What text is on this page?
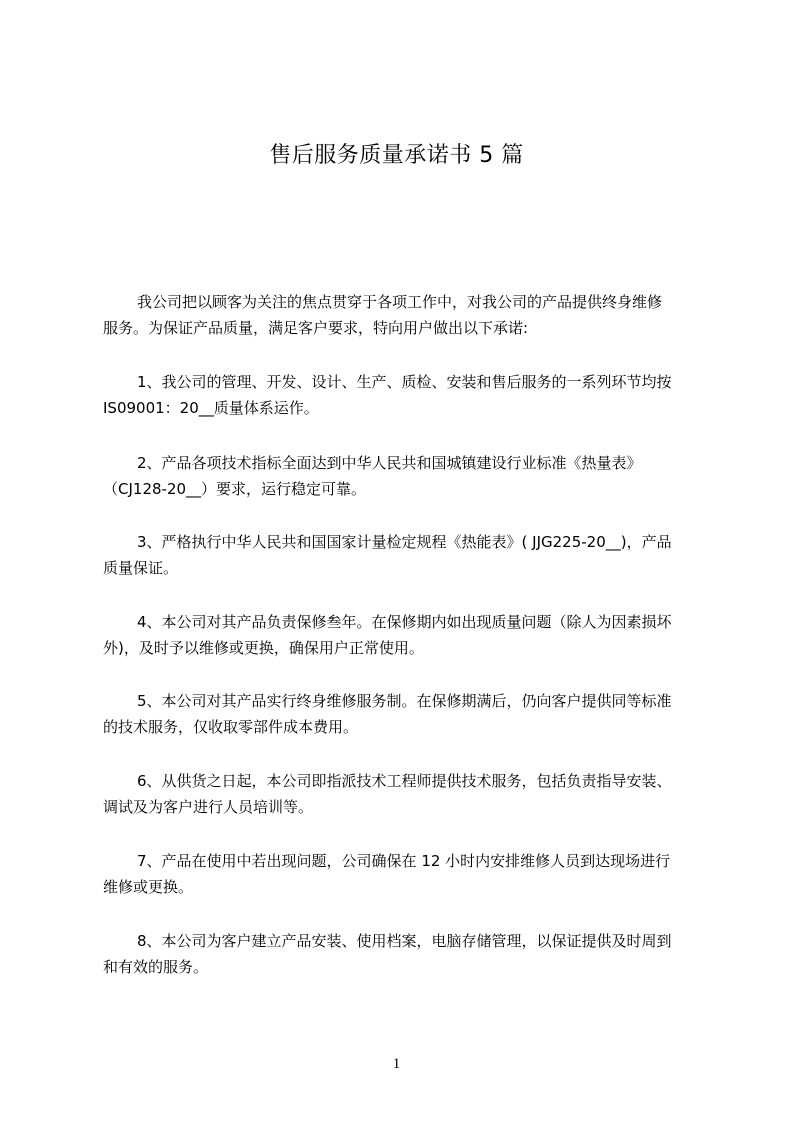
售后服务质量承诺书 5 篇
我公司把以顾客为关注的焦点贯穿于各项工作中，对我公司的产品提供终身维修
服务。为保证产品质量，满足客户要求，特向用户做出以下承诺:
1、我公司的管理、开发、设计、生产、质检、安装和售后服务的一系列环节均按
IS09001：20__质量体系运作。
2、产品各项技术指标全面达到中华人民共和国城镇建设行业标准《热量表》
（CJ128-20__）要求，运行稳定可靠。
3、严格执行中华人民共和国国家计量检定规程《热能表》( JJG225-20__)，产品
质量保证。
4、本公司对其产品负责保修叁年。在保修期内如出现质量问题（除人为因素损坏
外)，及时予以维修或更换，确保用户正常使用。
5、本公司对其产品实行终身维修服务制。在保修期满后，仍向客户提供同等标准
的技术服务，仅收取零部件成本费用。
6、从供货之日起，本公司即指派技术工程师提供技术服务，包括负责指导安装、
调试及为客户进行人员培训等。
7、产品在使用中若出现问题，公司确保在 12 小时内安排维修人员到达现场进行
维修或更换。
8、本公司为客户建立产品安装、使用档案，电脑存储管理，以保证提供及时周到
和有效的服务。
1
